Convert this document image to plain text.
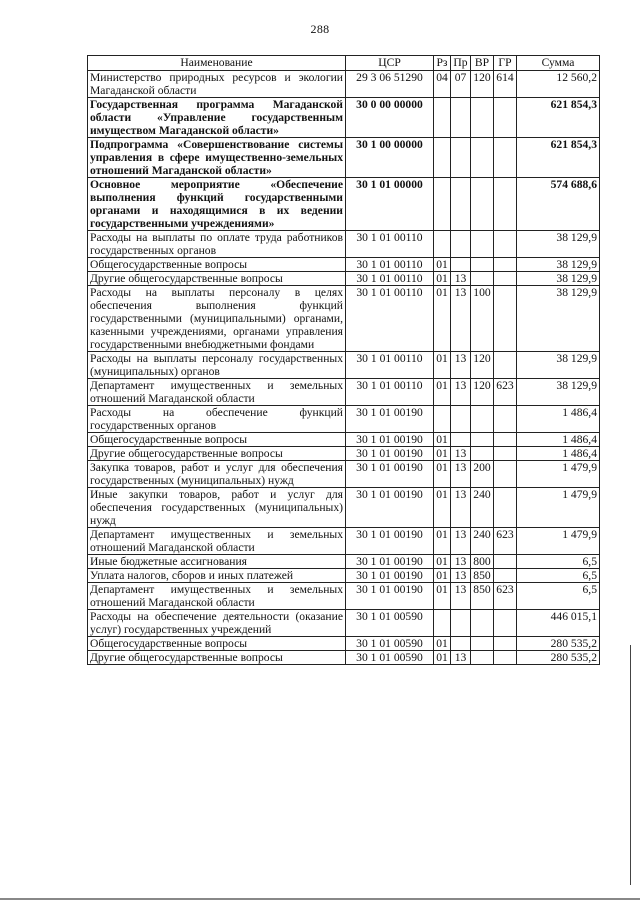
288
Наименование	ЦСР	Рз	Пр	ВР	ГР	Сумма
Министерство природных ресурсов и экологии Магаданской области	29 3 06 51290	04	07	120	614	12 560,2
Государственная программа Магаданской области «Управление государственным имуществом Магаданской области»	30 0 00 00000					621 854,3
Подпрограмма «Совершенствование системы управления в сфере имущественно-земельных отношений Магаданской области»	30 1 00 00000					621 854,3
Основное мероприятие «Обеспечение выполнения функций государственными органами и находящимися в их ведении государственными учреждениями»	30 1 01 00000					574 688,6
Расходы на выплаты по оплате труда работников государственных органов	30 1 01 00110					38 129,9
Общегосударственные вопросы	30 1 01 00110	01				38 129,9
Другие общегосударственные вопросы	30 1 01 00110	01	13			38 129,9
Расходы на выплаты персоналу в целях обеспечения выполнения функций государственными (муниципальными) органами, казенными учреждениями, органами управления государственными внебюджетными фондами	30 1 01 00110	01	13	100		38 129,9
Расходы на выплаты персоналу государственных (муниципальных) органов	30 1 01 00110	01	13	120		38 129,9
Департамент имущественных и земельных отношений Магаданской области	30 1 01 00110	01	13	120	623	38 129,9
Расходы на обеспечение функций государственных органов	30 1 01 00190					1 486,4
Общегосударственные вопросы	30 1 01 00190	01				1 486,4
Другие общегосударственные вопросы	30 1 01 00190	01	13			1 486,4
Закупка товаров, работ и услуг для обеспечения государственных (муниципальных) нужд	30 1 01 00190	01	13	200		1 479,9
Иные закупки товаров, работ и услуг для обеспечения государственных (муниципальных) нужд	30 1 01 00190	01	13	240		1 479,9
Департамент имущественных и земельных отношений Магаданской области	30 1 01 00190	01	13	240	623	1 479,9
Иные бюджетные ассигнования	30 1 01 00190	01	13	800		6,5
Уплата налогов, сборов и иных платежей	30 1 01 00190	01	13	850		6,5
Департамент имущественных и земельных отношений Магаданской области	30 1 01 00190	01	13	850	623	6,5
Расходы на обеспечение деятельности (оказание услуг) государственных учреждений	30 1 01 00590					446 015,1
Общегосударственные вопросы	30 1 01 00590	01				280 535,2
Другие общегосударственные вопросы	30 1 01 00590	01	13			280 535,2
